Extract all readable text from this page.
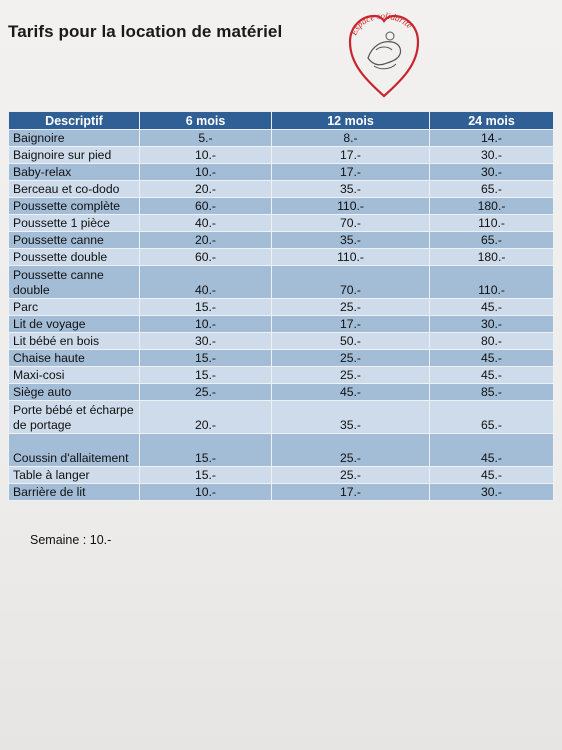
Tarifs pour la location de matériel	Espace solidarité
Descriptif	6 mois	12 mois	24 mois
Baignoire	5.-	8.-	14.-
Baignoire sur pied	10.-	17.-	30.-
Baby-relax	10.-	17.-	30.-
Berceau et co-dodo	20.-	35.-	65.-
Poussette complète	60.-	110.-	180.-
Poussette 1 pièce	40.-	70.-	110.-
Poussette canne	20.-	35.-	65.-
Poussette double	60.-	110.-	180.-
Poussette canne double	40.-	70.-	110.-
Parc	15.-	25.-	45.-
Lit de voyage	10.-	17.-	30.-
Lit bébé en bois	30.-	50.-	80.-
Chaise haute	15.-	25.-	45.-
Maxi-cosi	15.-	25.-	45.-
Siège auto	25.-	45.-	85.-
Porte bébé et écharpe de portage	20.-	35.-	65.-
Coussin d'allaitement	15.-	25.-	45.-
Table à langer	15.-	25.-	45.-
Barrière de lit	10.-	17.-	30.-
Semaine : 10.-
